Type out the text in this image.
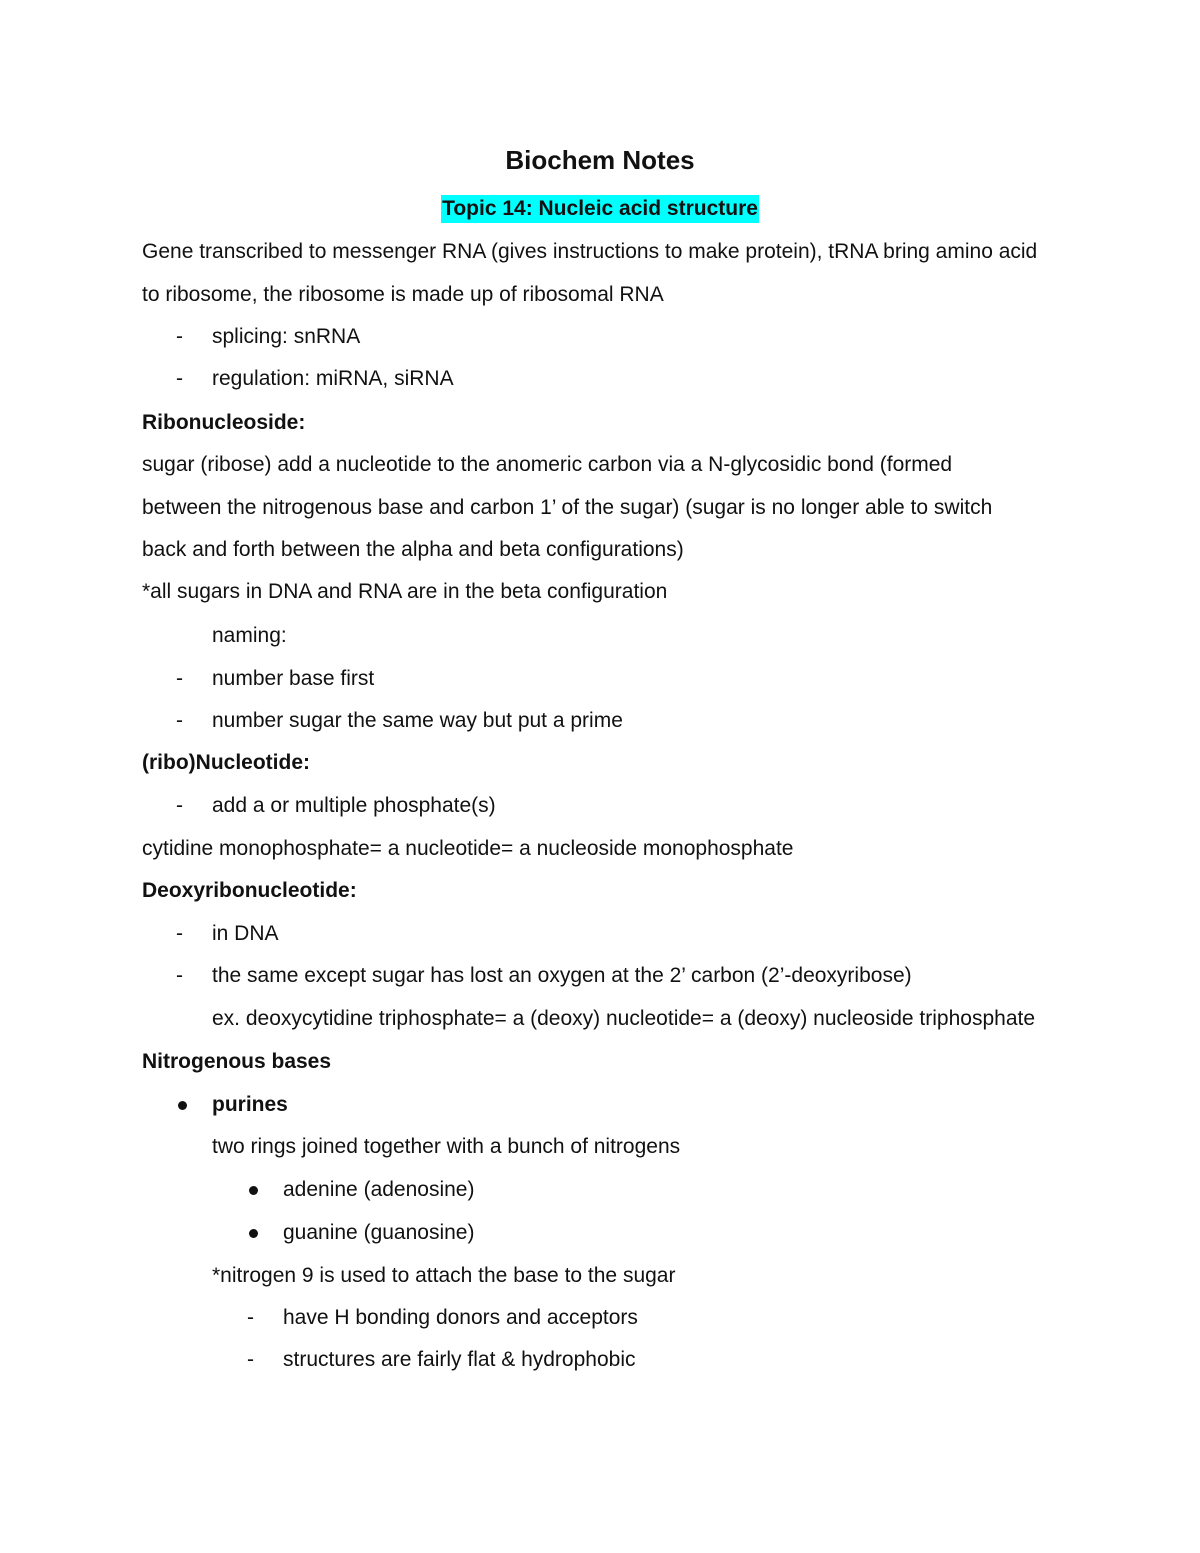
Biochem Notes
Topic 14: Nucleic acid structure
Gene transcribed to messenger RNA (gives instructions to make protein), tRNA bring amino acid
to ribosome, the ribosome is made up of ribosomal RNA
- splicing: snRNA
- regulation: miRNA, siRNA
Ribonucleoside:
sugar (ribose) add a nucleotide to the anomeric carbon via a N-glycosidic bond (formed
between the nitrogenous base and carbon 1’ of the sugar) (sugar is no longer able to switch
back and forth between the alpha and beta configurations)
*all sugars in DNA and RNA are in the beta configuration
naming:
- number base first
- number sugar the same way but put a prime
(ribo)Nucleotide:
- add a or multiple phosphate(s)
cytidine monophosphate= a nucleotide= a nucleoside monophosphate
Deoxyribonucleotide:
- in DNA
- the same except sugar has lost an oxygen at the 2’ carbon (2’-deoxyribose)
ex. deoxycytidine triphosphate= a (deoxy) nucleotide= a (deoxy) nucleoside triphosphate
Nitrogenous bases
purines
two rings joined together with a bunch of nitrogens
adenine (adenosine)
guanine (guanosine)
*nitrogen 9 is used to attach the base to the sugar
- have H bonding donors and acceptors
- structures are fairly flat & hydrophobic
